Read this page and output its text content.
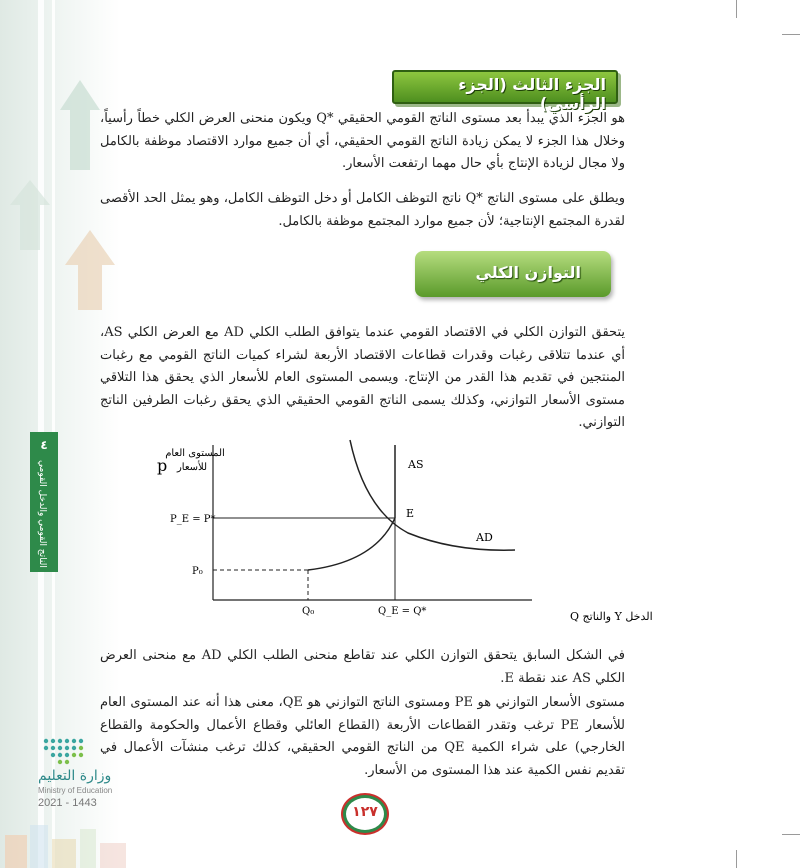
الجزء الثالث (الجزء الرأسي)

هو الجزء الذي يبدأ بعد مستوى الناتج القومي الحقيقي *Q ويكون منحنى العرض الكلي خطاً رأسياً، وخلال هذا الجزء لا يمكن زيادة الناتج القومي الحقيقي، أي أن جميع موارد الاقتصاد موظفة بالكامل ولا مجال لزيادة الإنتاج بأي حال مهما ارتفعت الأسعار.

ويطلق على مستوى الناتج *Q ناتج التوظف الكامل أو دخل التوظف الكامل، وهو يمثل الحد الأقصى لقدرة المجتمع الإنتاجية؛ لأن جميع موارد المجتمع موظفة بالكامل.

التوازن الكلي

يتحقق التوازن الكلي في الاقتصاد القومي عندما يتوافق الطلب الكلي AD مع العرض الكلي AS، أي عندما تتلاقى رغبات وقدرات قطاعات الاقتصاد الأربعة لشراء كميات الناتج القومي مع رغبات المنتجين في تقديم هذا القدر من الإنتاج. ويسمى المستوى العام للأسعار الذي يحقق هذا التلاقي مستوى الأسعار التوازني، وكذلك يسمى الناتج القومي الحقيقي الذي يحقق رغبات الطرفين الناتج التوازني.

٤
الناتج القومي والدخل القومي
المستوى العام
للأسعار
p
P_E = P*
P₀
Q₀	Q_E = Q*
AS
AD
E
الدخل Y والناتج Q

في الشكل السابق يتحقق التوازن الكلي عند تقاطع منحنى الطلب الكلي AD مع منحنى العرض الكلي AS عند نقطة E.

مستوى الأسعار التوازني هو PE ومستوى الناتج التوازني هو QE، معنى هذا أنه عند المستوى العام للأسعار PE ترغب وتقدر القطاعات الأربعة (القطاع العائلي وقطاع الأعمال والحكومة والقطاع الخارجي) على شراء الكمية QE من الناتج القومي الحقيقي، كذلك ترغب منشآت الأعمال في تقديم نفس الكمية عند هذا المستوى من الأسعار.

وزارة التعليم
Ministry of Education
2021 - 1443
١٢٧
